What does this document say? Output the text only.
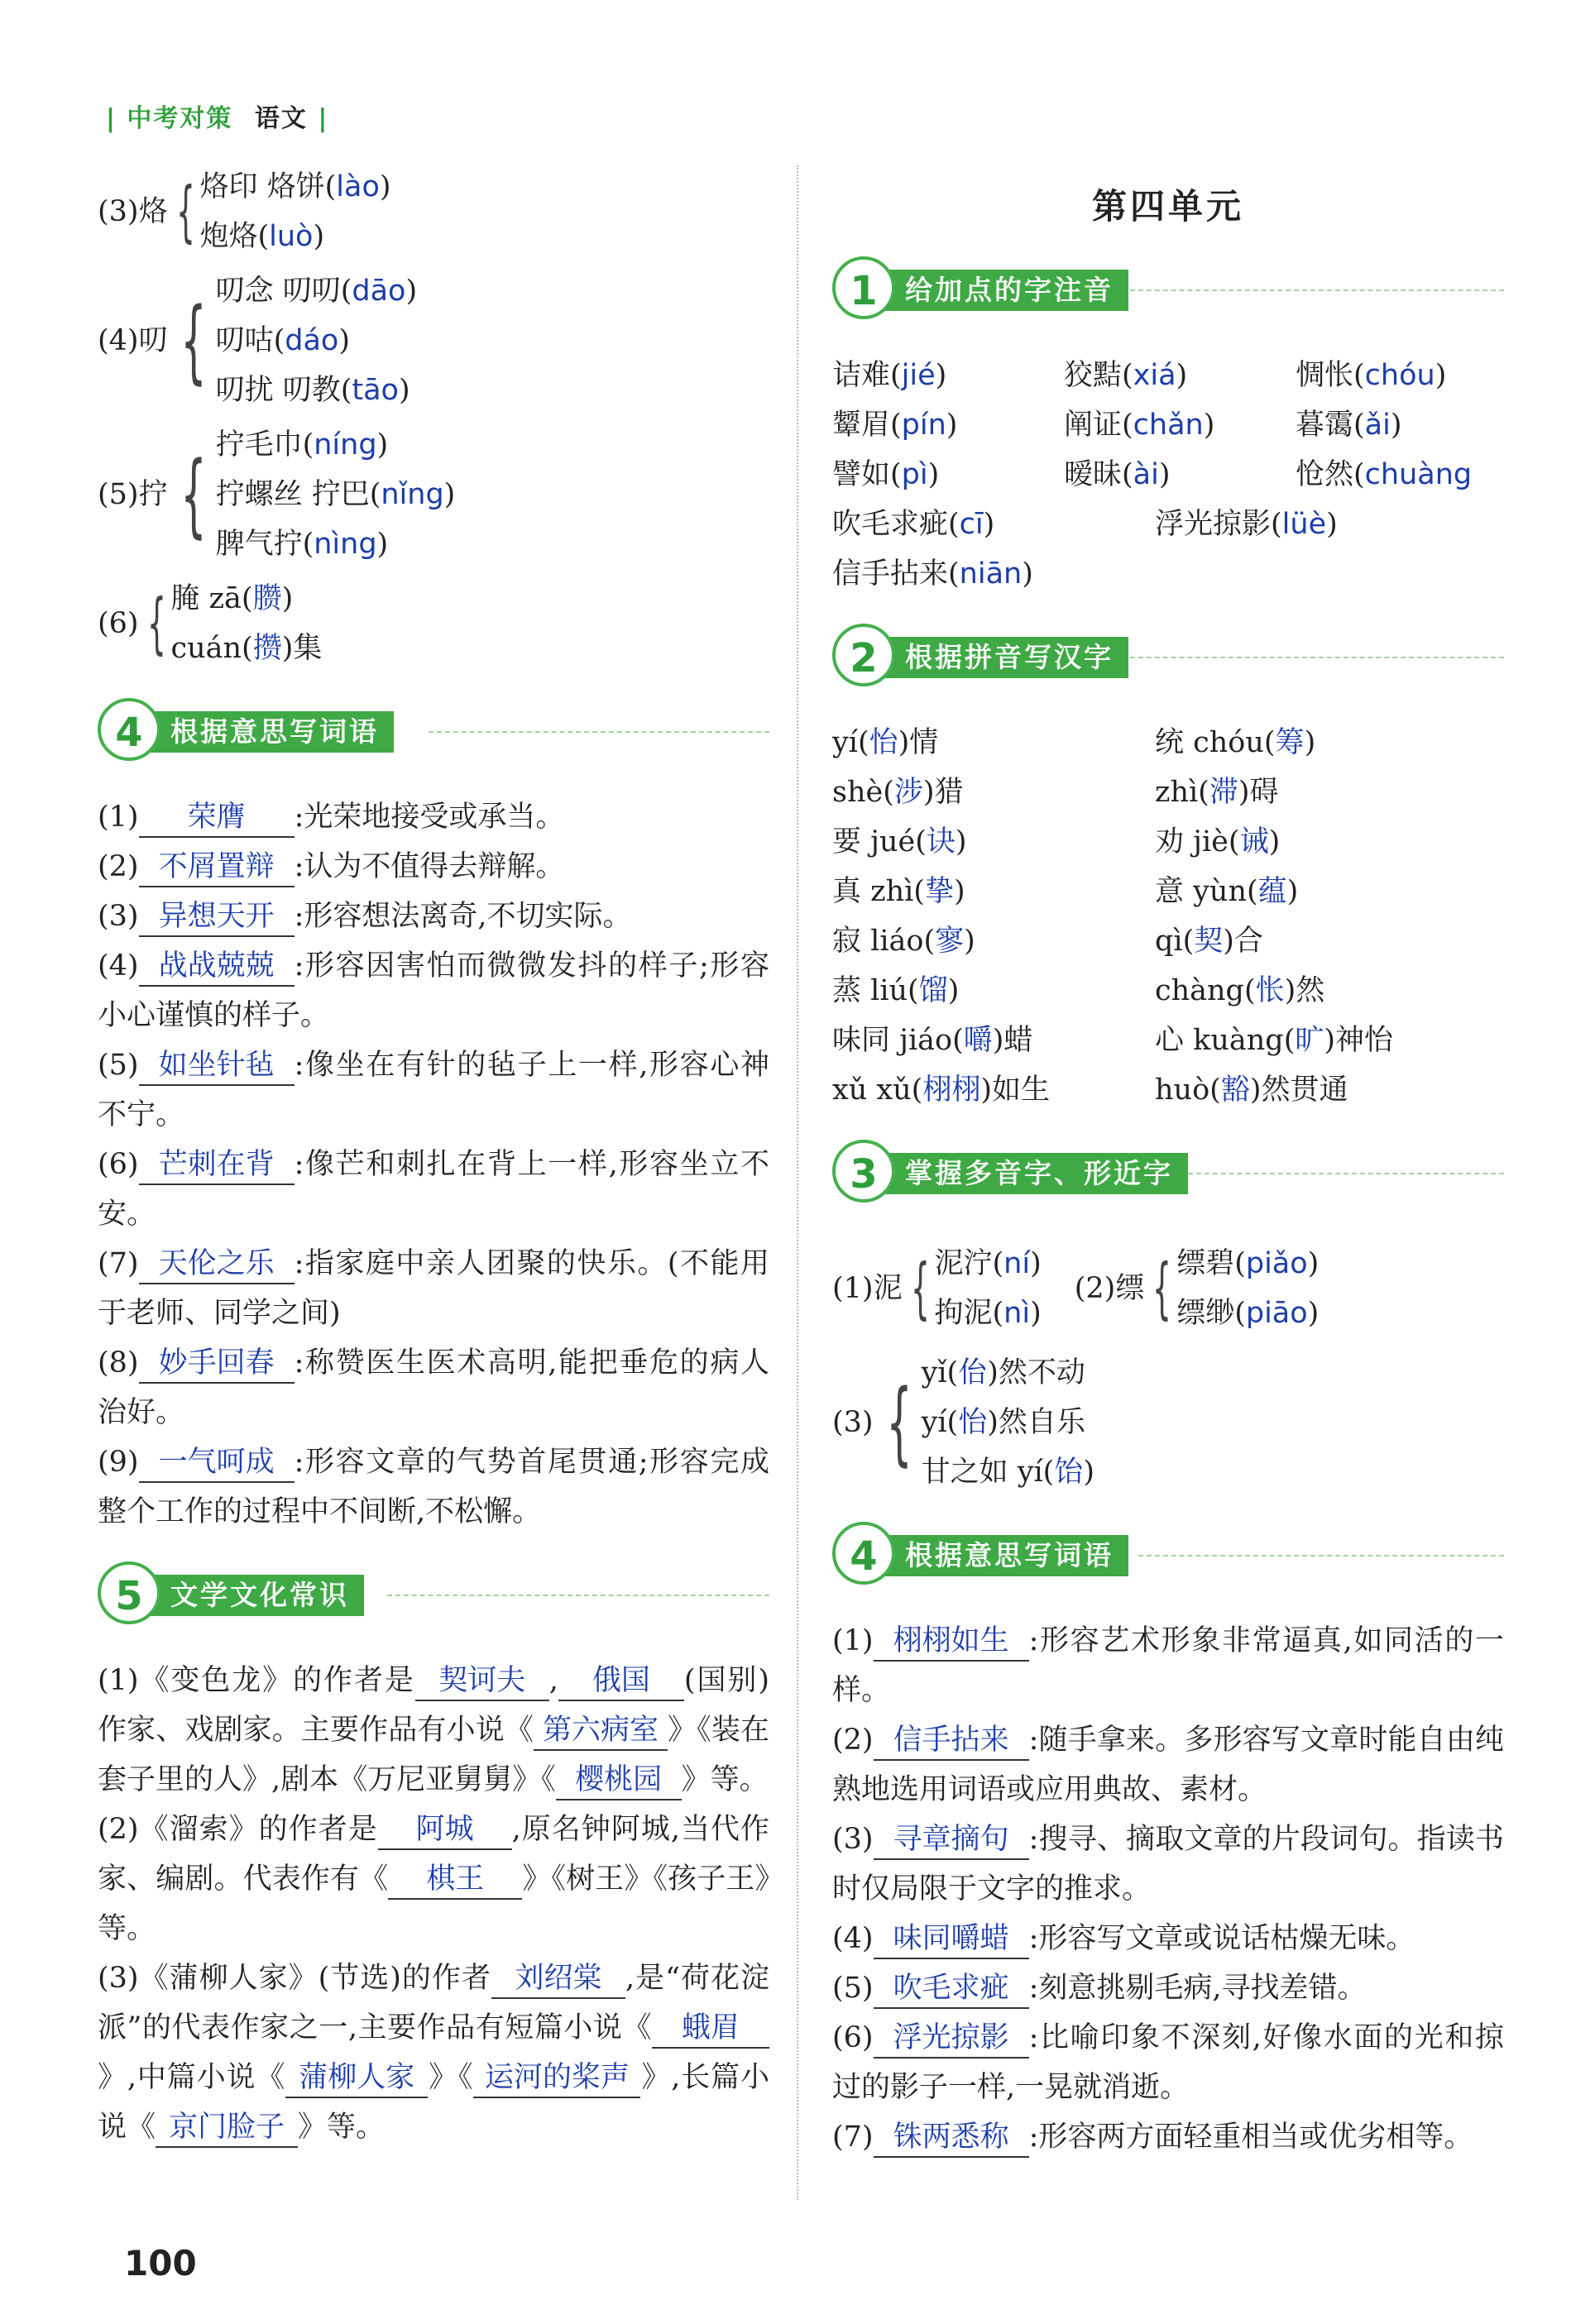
| 中考对策 语文 |
(3)烙 { 烙印 烙饼(lào)
炮烙(luò)
(4)叨 { 叨念 叨叨(dāo)
叨咕(dáo)
叨扰 叨教(tāo)
(5)拧 { 拧毛巾(níng)
拧螺丝 拧巴(nǐng)
脾气拧(nìng)
(6) { 腌 zā(臜)
cuán(攒)集
根据意思写词语
4
(1) 荣膺 :光荣地接受或承当。
(2) 不屑置辩 :认为不值得去辩解。
(3) 异想天开 :形容想法离奇,不切实际。
(4) 战战兢兢 :形容因害怕而微微发抖的样子;形容小心谨慎的样子。
(5) 如坐针毡 :像坐在有针的毡子上一样,形容心神不宁。
(6) 芒刺在背 :像芒和刺扎在背上一样,形容坐立不安。
(7) 天伦之乐 :指家庭中亲人团聚的快乐。(不能用于老师、同学之间)
(8) 妙手回春 :称赞医生医术高明,能把垂危的病人治好。
(9) 一气呵成 :形容文章的气势首尾贯通;形容完成整个工作的过程中不间断,不松懈。
文学文化常识
5
(1)《变色龙》的作者是 契诃夫 , 俄国 (国别)作家、戏剧家。主要作品有小说《 第六病室 》《装在套子里的人》,剧本《万尼亚舅舅》《 樱桃园 》等。
(2)《溜索》的作者是 阿城 ,原名钟阿城,当代作家、编剧。代表作有《 棋王 》《树王》《孩子王》等。
(3)《蒲柳人家》(节选)的作者 刘绍棠 ,是“荷花淀派”的代表作家之一,主要作品有短篇小说《 蛾眉》,中篇小说《 蒲柳人家 》《 运河的桨声 》,长篇小说《 京门脸子 》等。
第四单元
给加点的字注音
1
诘难(jié)	狡黠(xiá)	惆怅(chóu)
颦眉(pín)	阐证(chǎn)	暮霭(ǎi)
譬如(pì)	暧昧(ài)	怆然(chuàng
吹毛求疵(cī)	浮光掠影(lüè)
信手拈来(niān)
根据拼音写汉字
2
yí(怡)情	统 chóu(筹)
shè(涉)猎	zhì(滞)碍
要 jué(诀)	劝 jiè(诫)
真 zhì(挚)	意 yùn(蕴)
寂 liáo(寥)	qì(契)合
蒸 liú(馏)	chàng(怅)然
味同 jiáo(嚼)蜡	心 kuàng(旷)神怡
xǔ xǔ(栩栩)如生	huò(豁)然贯通
掌握多音字、形近字
3
(1)泥 { 泥泞(ní)
拘泥(nì)
(2)缥 { 缥碧(piǎo)
缥缈(piāo)
(3) { yǐ(佁)然不动
yí(怡)然自乐
甘之如 yí(饴)
根据意思写词语
4
(1) 栩栩如生 :形容艺术形象非常逼真,如同活的一样。
(2) 信手拈来 :随手拿来。多形容写文章时能自由纯熟地选用词语或应用典故、素材。
(3) 寻章摘句 :搜寻、摘取文章的片段词句。指读书时仅局限于文字的推求。
(4) 味同嚼蜡 :形容写文章或说话枯燥无味。
(5) 吹毛求疵 :刻意挑剔毛病,寻找差错。
(6) 浮光掠影 :比喻印象不深刻,好像水面的光和掠过的影子一样,一晃就消逝。
(7) 铢两悉称 :形容两方面轻重相当或优劣相等。
100
